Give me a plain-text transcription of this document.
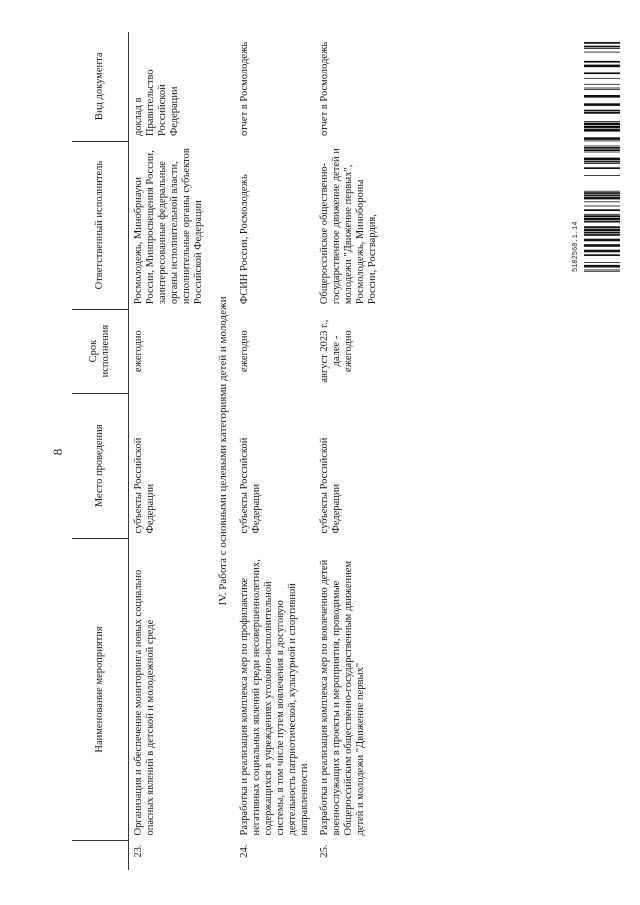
8
	Наименование мероприятия	Место проведения	Срок исполнения	Ответственный исполнитель	Вид документа
23.	Организация и обеспечение мониторинга новых социально опасных явлений в детской и молодежной среде	субъекты Российской Федерации	ежегодно	Росмолодежь, Минобрнауки России, Минпросвещения России, заинтересованные федеральные органы исполнительной власти, исполнительные органы субъектов Российской Федерации	доклад в Правительство Российской Федерации
IV. Работа с основными целевыми категориями детей и молодежи					
24.	Разработка и реализация комплекса мер по профилактике негативных социальных явлений среди несовершеннолетних, содержащихся в учреждениях уголовно-исполнительной системы, в том числе путем вовлечения в досуговую деятельность патриотической, культурной и спортивной направленности	субъекты Российской Федерации	ежегодно	ФСИН России, Росмолодежь	отчет в Росмолодежь
25.	Разработка и реализация комплекса мер по вовлечению детей военнослужащих в проекты и мероприятия, проводимые Общероссийским общественно-государственным движением детей и молодежи "Движение первых"	субъекты Российской Федерации	август 2023 г., далее - ежегодно	Общероссийское общественно-государственное движение детей и молодежи "Движение первых", Росмолодежь, Минобороны России, Росгвардия,	отчет в Росмолодежь
5182568.1.14
